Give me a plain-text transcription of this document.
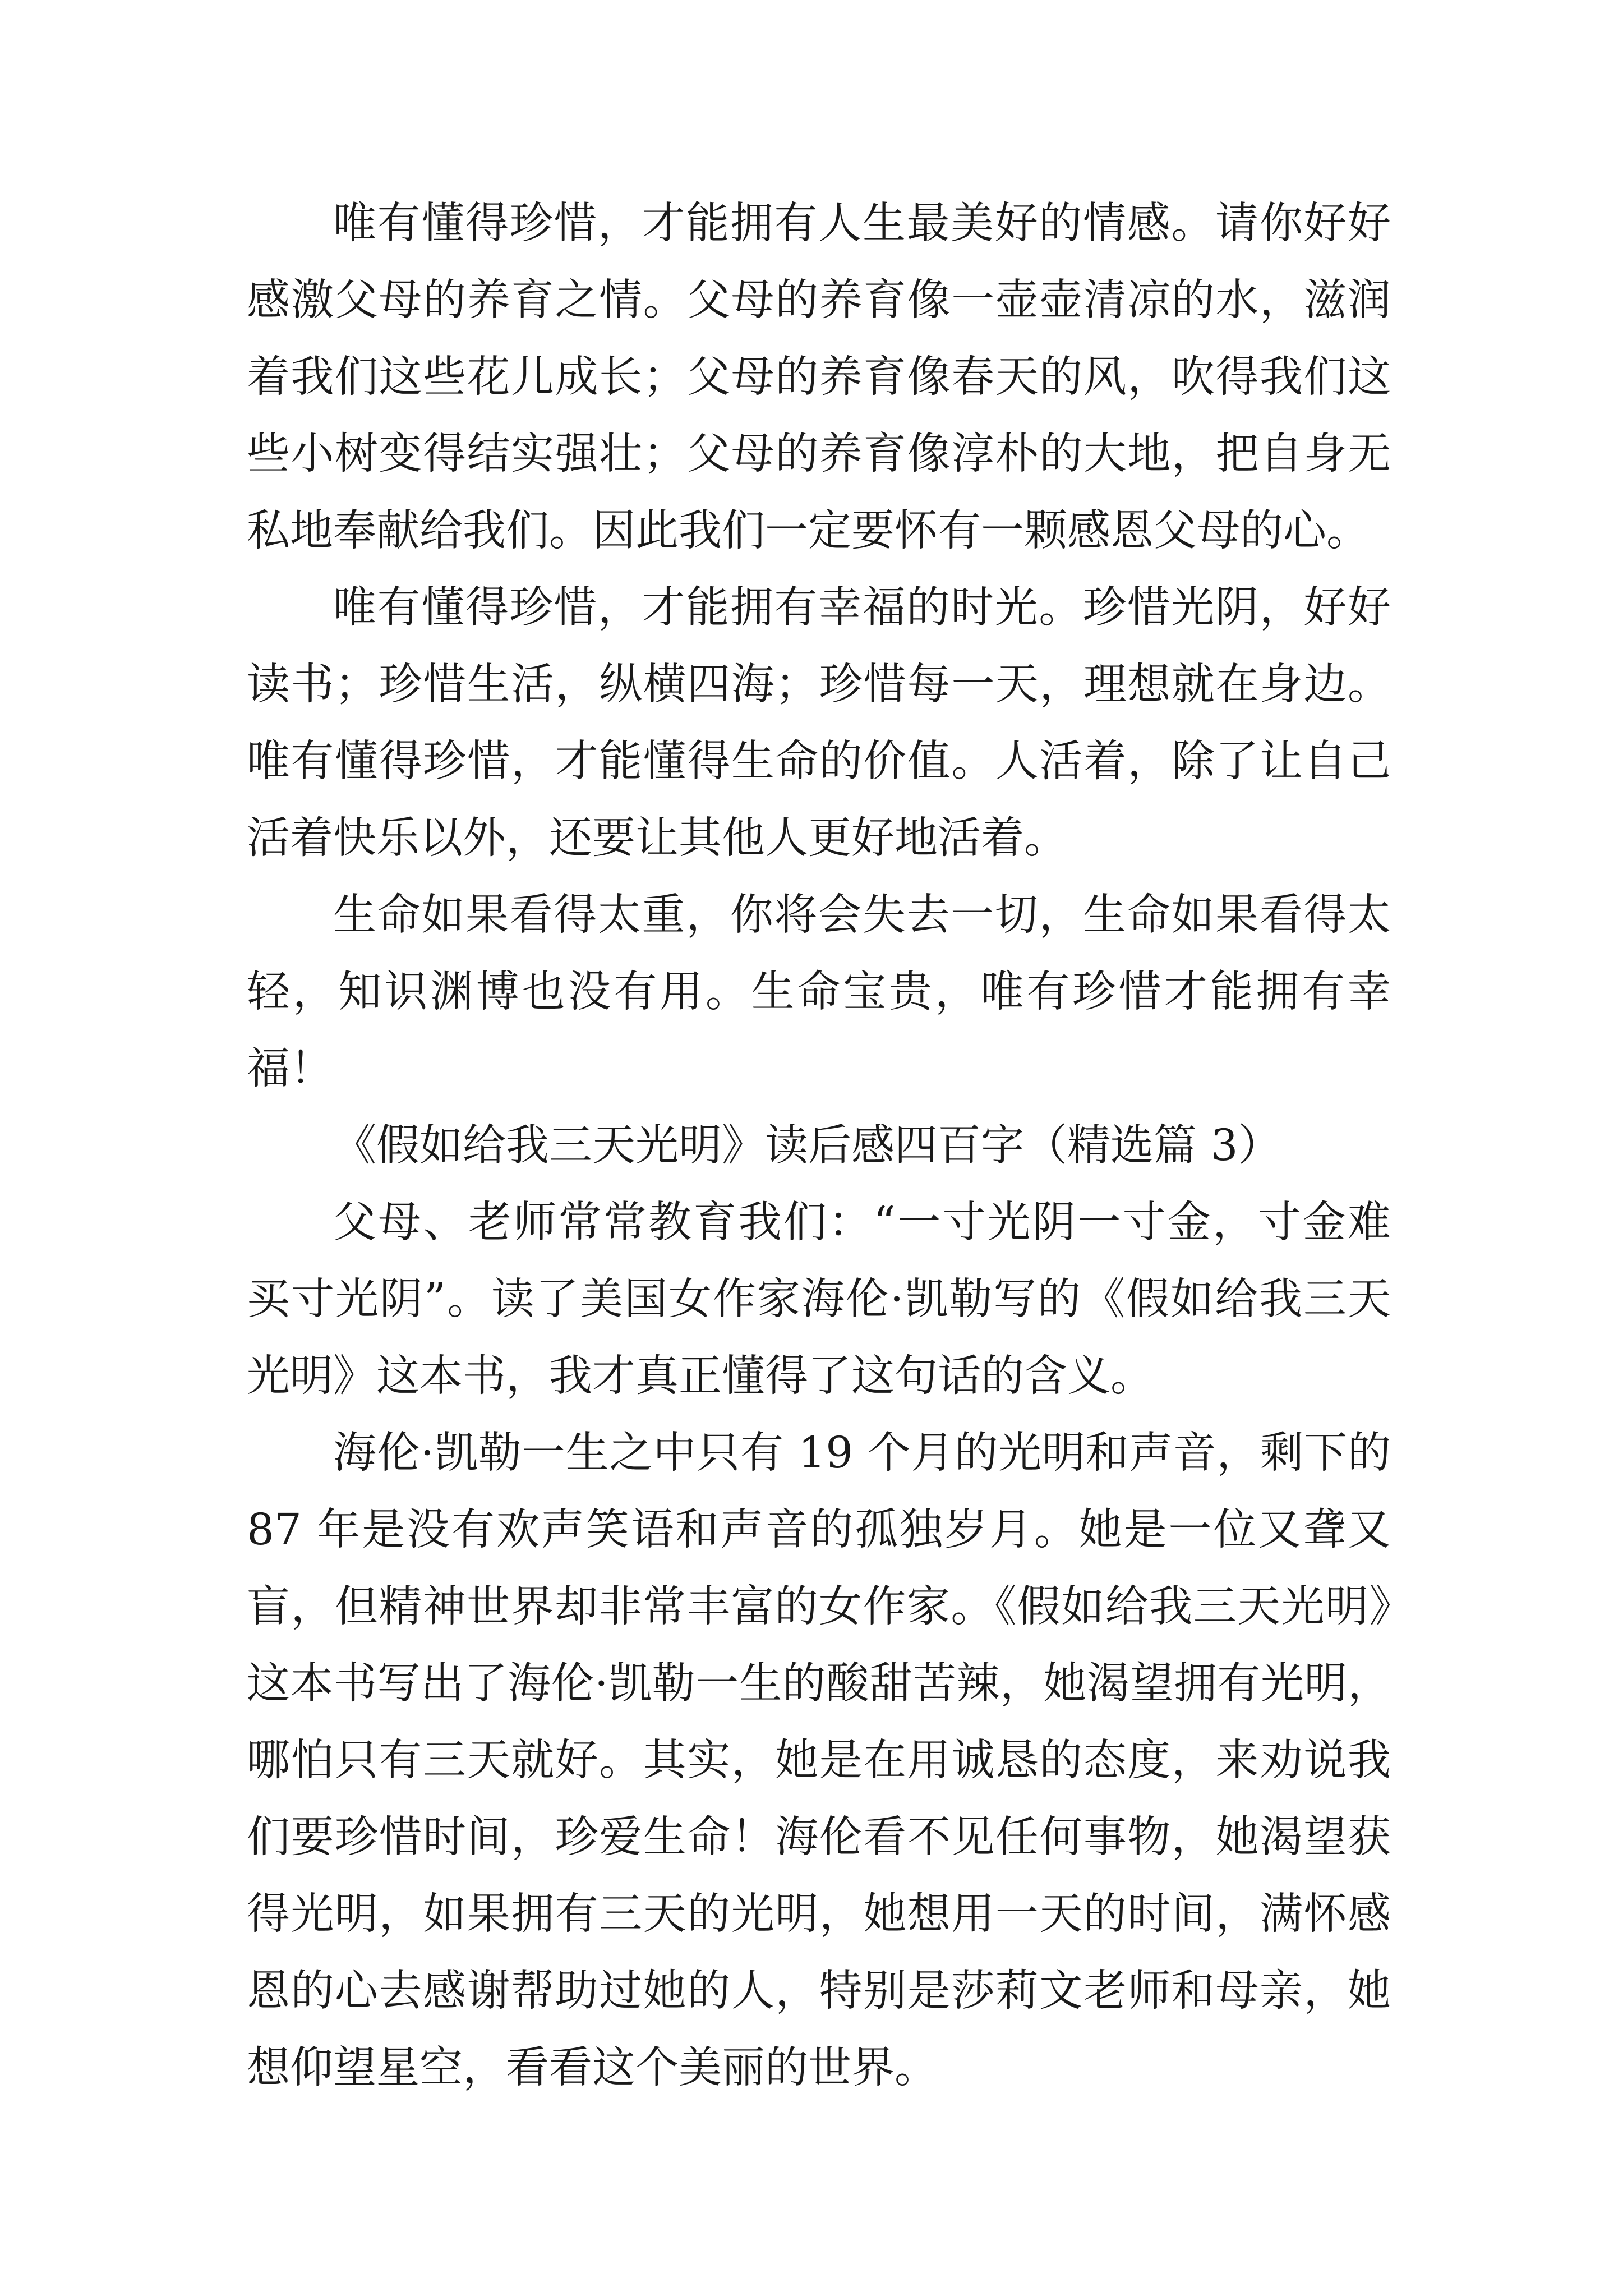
唯有懂得珍惜，才能拥有人生最美好的情感。请你好好感激父母的养育之情。父母的养育像一壶壶清凉的水，滋润着我们这些花儿成长；父母的养育像春天的风，吹得我们这些小树变得结实强壮；父母的养育像淳朴的大地，把自身无私地奉献给我们。因此我们一定要怀有一颗感恩父母的心。

唯有懂得珍惜，才能拥有幸福的时光。珍惜光阴，好好读书；珍惜生活，纵横四海；珍惜每一天，理想就在身边。唯有懂得珍惜，才能懂得生命的价值。人活着，除了让自己活着快乐以外，还要让其他人更好地活着。

生命如果看得太重，你将会失去一切，生命如果看得太轻，知识渊博也没有用。生命宝贵，唯有珍惜才能拥有幸福！

《假如给我三天光明》读后感四百字（精选篇 3）

父母、老师常常教育我们：“一寸光阴一寸金，寸金难买寸光阴”。读了美国女作家海伦·凯勒写的《假如给我三天光明》这本书，我才真正懂得了这句话的含义。

海伦·凯勒一生之中只有 19 个月的光明和声音，剩下的 87 年是没有欢声笑语和声音的孤独岁月。她是一位又聋又盲，但精神世界却非常丰富的女作家。《假如给我三天光明》这本书写出了海伦·凯勒一生的酸甜苦辣，她渴望拥有光明，哪怕只有三天就好。其实，她是在用诚恳的态度，来劝说我们要珍惜时间，珍爱生命！海伦看不见任何事物，她渴望获得光明，如果拥有三天的光明，她想用一天的时间，满怀感恩的心去感谢帮助过她的人，特别是莎莉文老师和母亲，她想仰望星空，看看这个美丽的世界。
